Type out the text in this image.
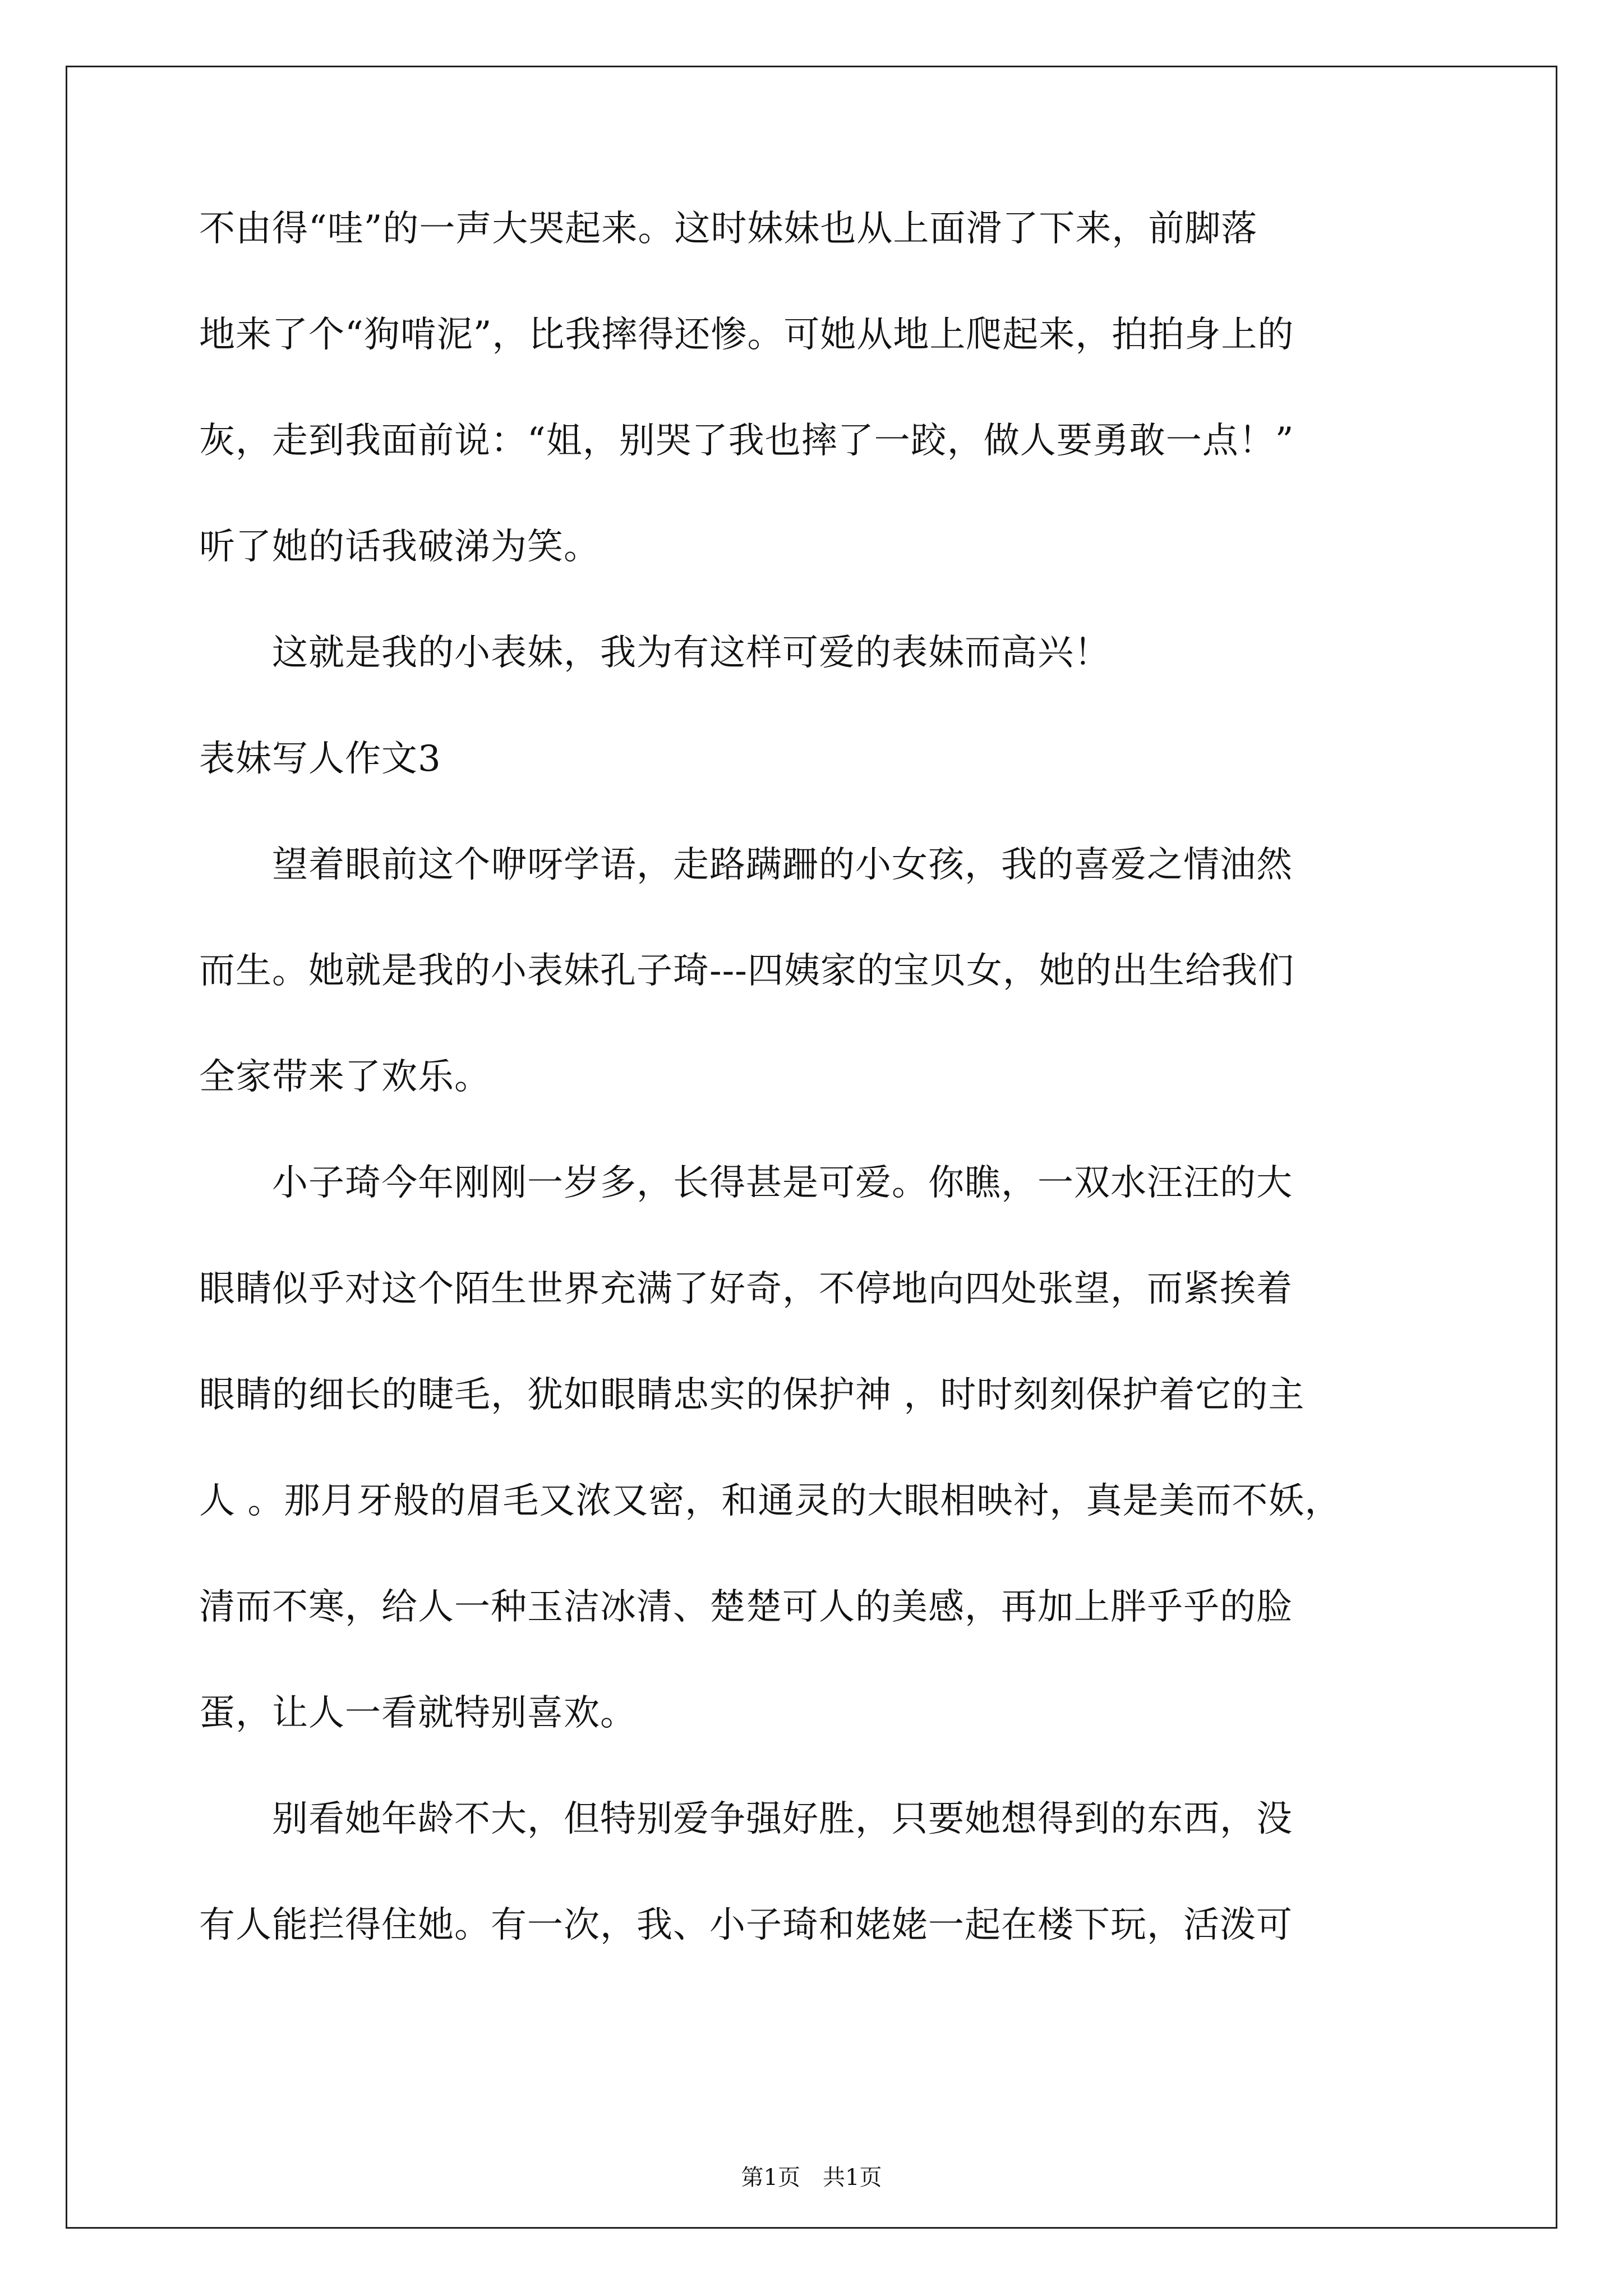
不由得“哇”的一声大哭起来。这时妹妹也从上面滑了下来，前脚落
地来了个“狗啃泥”，比我摔得还惨。可她从地上爬起来，拍拍身上的
灰，走到我面前说：“姐，别哭了我也摔了一跤，做人要勇敢一点！”
听了她的话我破涕为笑。
　　这就是我的小表妹，我为有这样可爱的表妹而高兴！
表妹写人作文3
　　望着眼前这个咿呀学语，走路蹒跚的小女孩，我的喜爱之情油然
而生。她就是我的小表妹孔子琦---四姨家的宝贝女，她的出生给我们
全家带来了欢乐。
　　小子琦今年刚刚一岁多，长得甚是可爱。你瞧，一双水汪汪的大
眼睛似乎对这个陌生世界充满了好奇，不停地向四处张望，而紧挨着
眼睛的细长的睫毛，犹如眼睛忠实的保护神 ，时时刻刻保护着它的主
人 。那月牙般的眉毛又浓又密，和通灵的大眼相映衬，真是美而不妖，
清而不寒，给人一种玉洁冰清、楚楚可人的美感，再加上胖乎乎的脸
蛋，让人一看就特别喜欢。
　　别看她年龄不大，但特别爱争强好胜，只要她想得到的东西，没
有人能拦得住她。有一次，我、小子琦和姥姥一起在楼下玩，活泼可
第1页　共1页
